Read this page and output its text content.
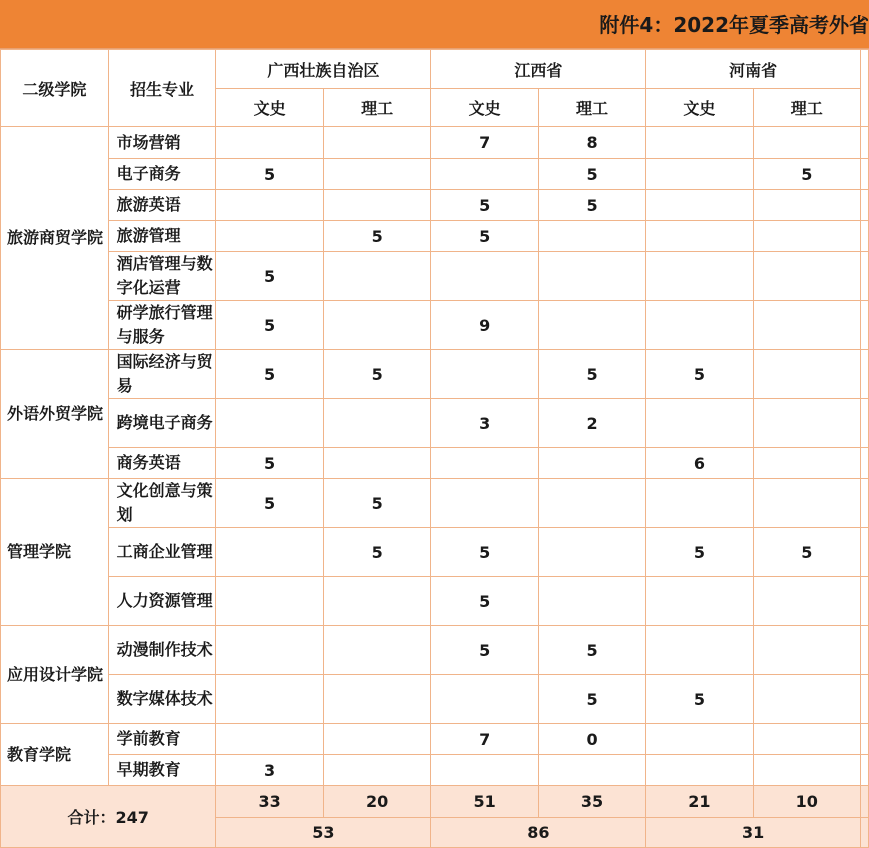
附件4：2022年夏季高考外省
二级学院	招生专业	广西壮族自治区		江西省		河南省		
		文史	理工	文史	理工	文史	理工	
旅游商贸学院	市场营销			7	8			
	电子商务	5			5		5	
	旅游英语			5	5			
	旅游管理		5	5				
	酒店管理与数字化运营	5						
	研学旅行管理与服务	5		9				
外语外贸学院	国际经济与贸易	5	5		5	5		
	跨境电子商务			3	2			
	商务英语	5				6		
管理学院	文化创意与策划	5	5					
	工商企业管理		5	5		5	5	
	人力资源管理			5				
应用设计学院	动漫制作技术			5	5			
	数字媒体技术				5	5		
教育学院	学前教育			7	0			
	早期教育	3						
合计：247		33	20	51	35	21	10	
		53		86		31		
